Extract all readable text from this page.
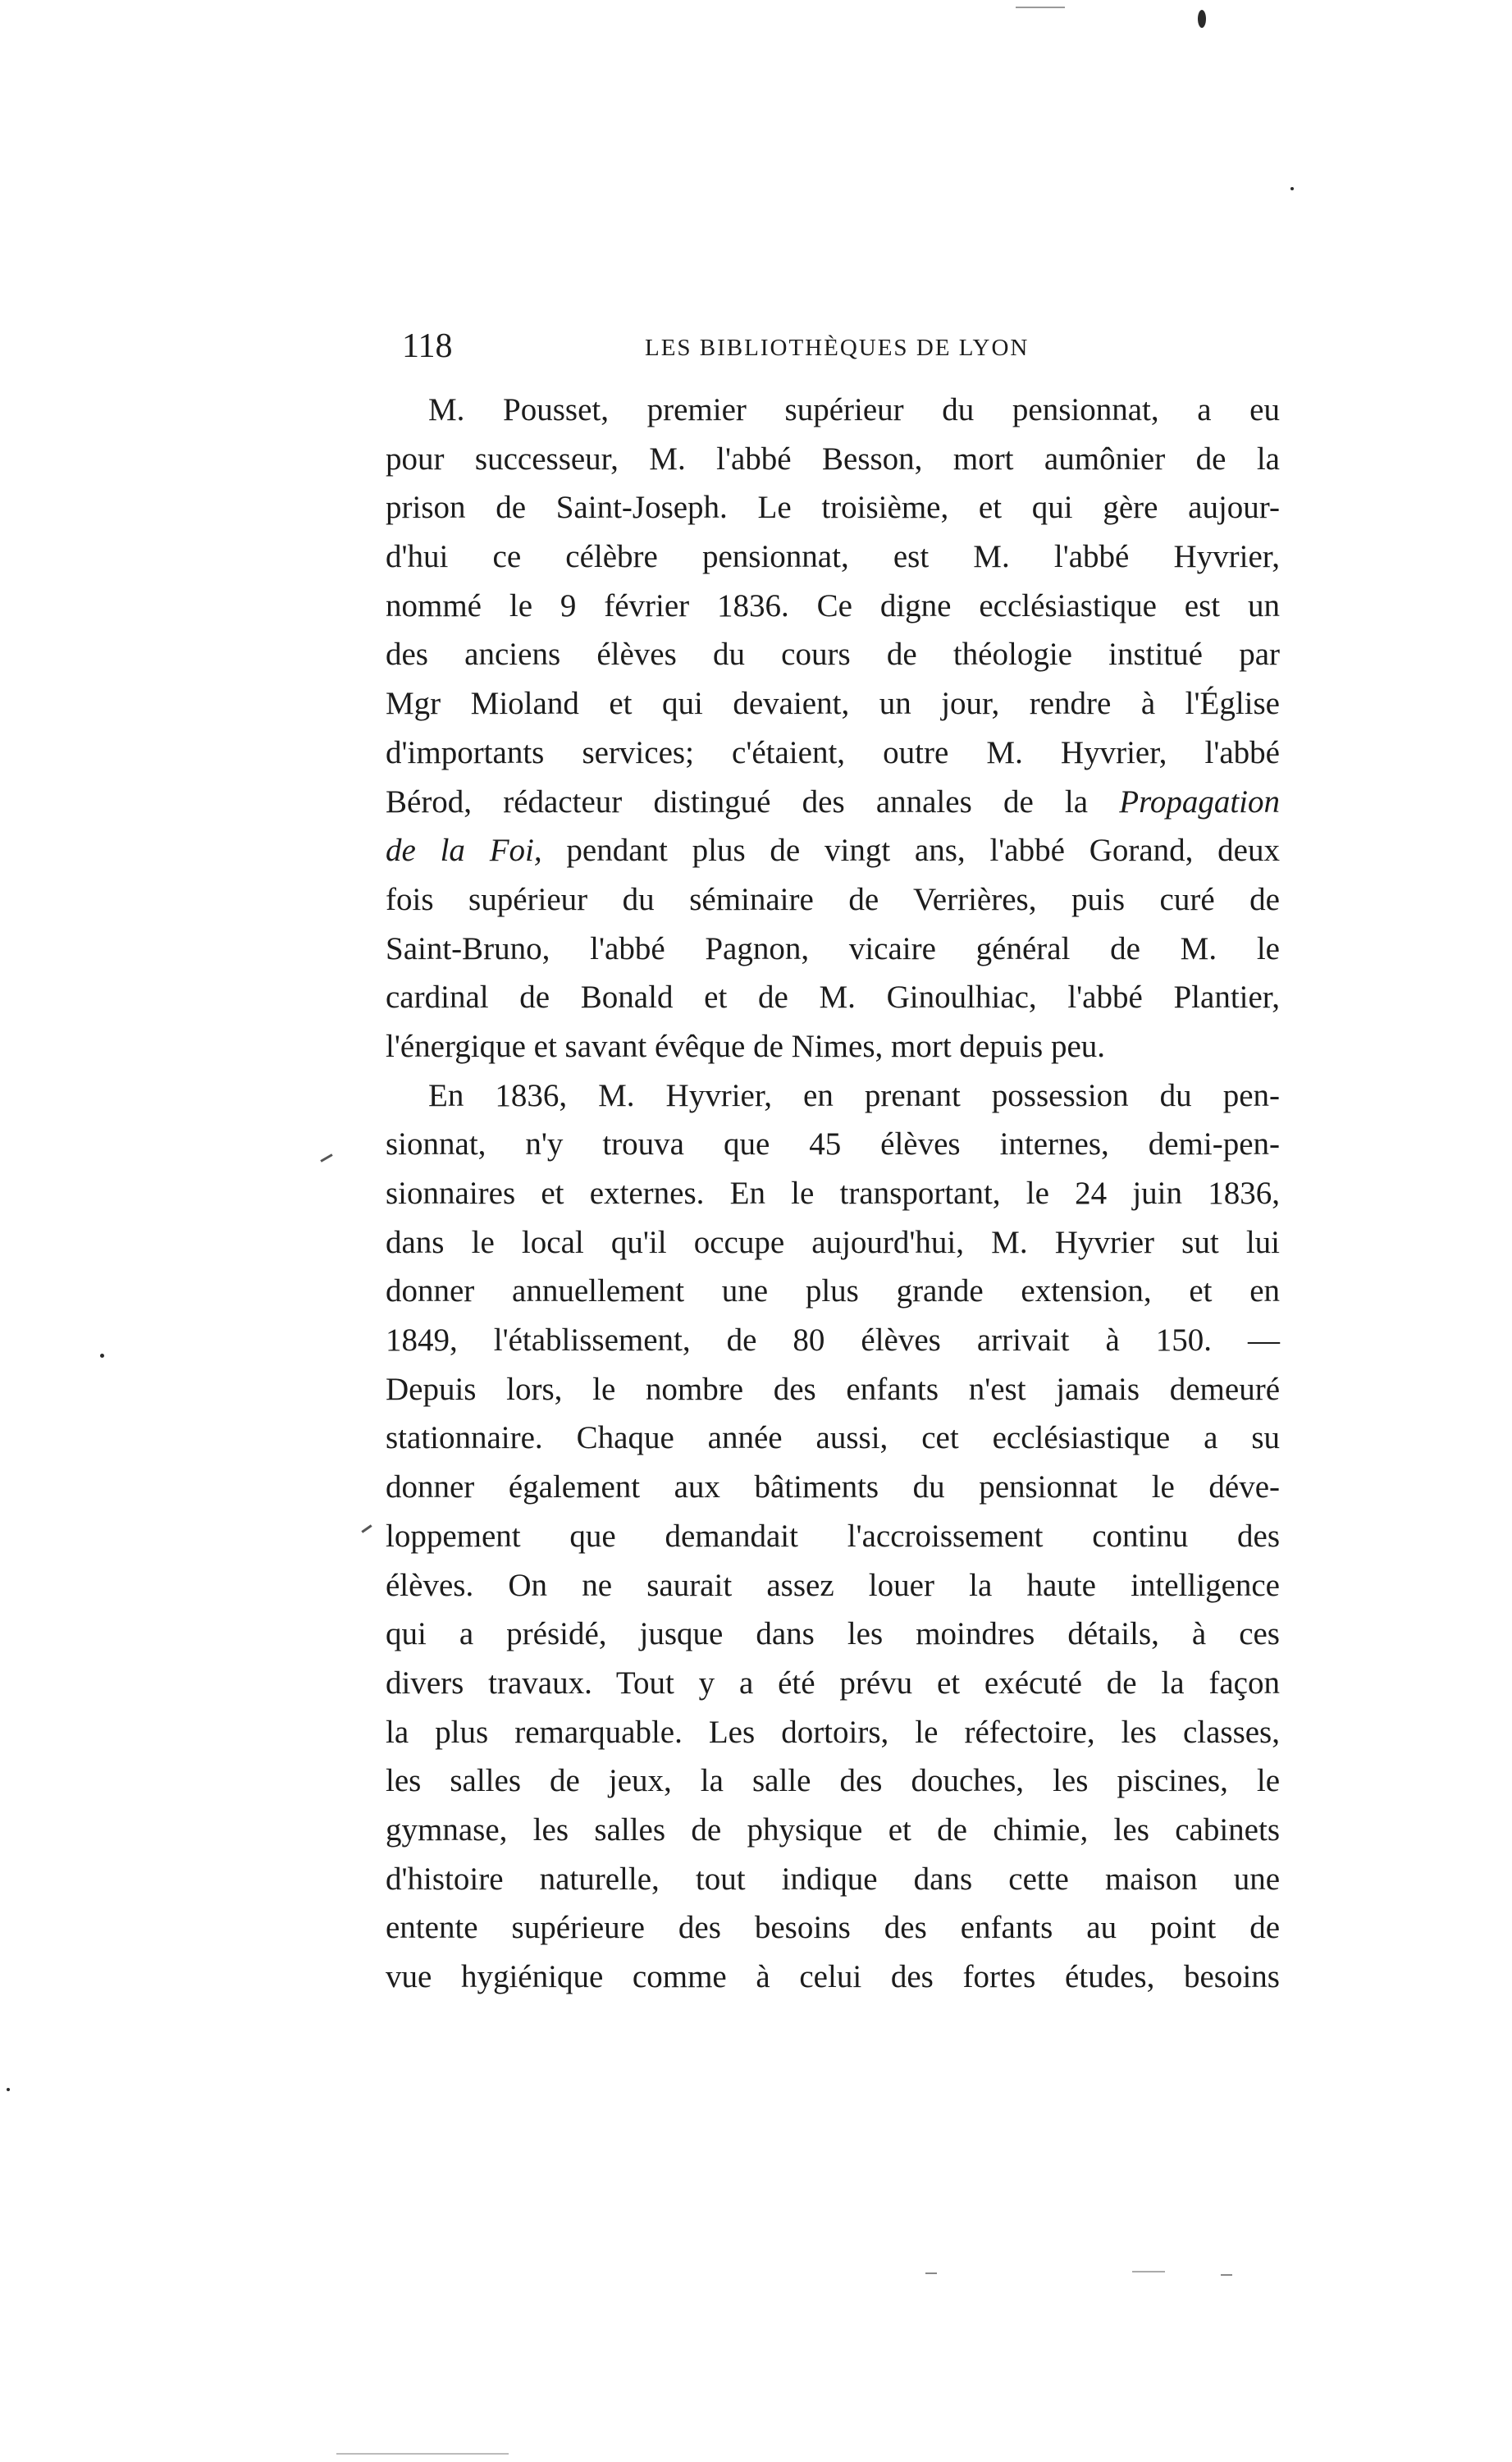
118	LES BIBLIOTHÈQUES DE LYON
M. Pousset, premier supérieur du pensionnat, a eu
pour successeur, M. l'abbé Besson, mort aumônier de la
prison de Saint-Joseph. Le troisième, et qui gère aujour-
d'hui ce célèbre pensionnat, est M. l'abbé Hyvrier,
nommé le 9 février 1836. Ce digne ecclésiastique est un
des anciens élèves du cours de théologie institué par
Mgr Mioland et qui devaient, un jour, rendre à l'Église
d'importants services; c'étaient, outre M. Hyvrier, l'abbé
Bérod, rédacteur distingué des annales de la Propagation
de la Foi, pendant plus de vingt ans, l'abbé Gorand, deux
fois supérieur du séminaire de Verrières, puis curé de
Saint-Bruno, l'abbé Pagnon, vicaire général de M. le
cardinal de Bonald et de M. Ginoulhiac, l'abbé Plantier,
l'énergique et savant évêque de Nimes, mort depuis peu.
En 1836, M. Hyvrier, en prenant possession du pen-
sionnat, n'y trouva que 45 élèves internes, demi-pen-
sionnaires et externes. En le transportant, le 24 juin 1836,
dans le local qu'il occupe aujourd'hui, M. Hyvrier sut lui
donner annuellement une plus grande extension, et en
1849, l'établissement, de 80 élèves arrivait à 150. —
Depuis lors, le nombre des enfants n'est jamais demeuré
stationnaire. Chaque année aussi, cet ecclésiastique a su
donner également aux bâtiments du pensionnat le déve-
loppement que demandait l'accroissement continu des
élèves. On ne saurait assez louer la haute intelligence
qui a présidé, jusque dans les moindres détails, à ces
divers travaux. Tout y a été prévu et exécuté de la façon
la plus remarquable. Les dortoirs, le réfectoire, les classes,
les salles de jeux, la salle des douches, les piscines, le
gymnase, les salles de physique et de chimie, les cabinets
d'histoire naturelle, tout indique dans cette maison une
entente supérieure des besoins des enfants au point de
vue hygiénique comme à celui des fortes études, besoins
